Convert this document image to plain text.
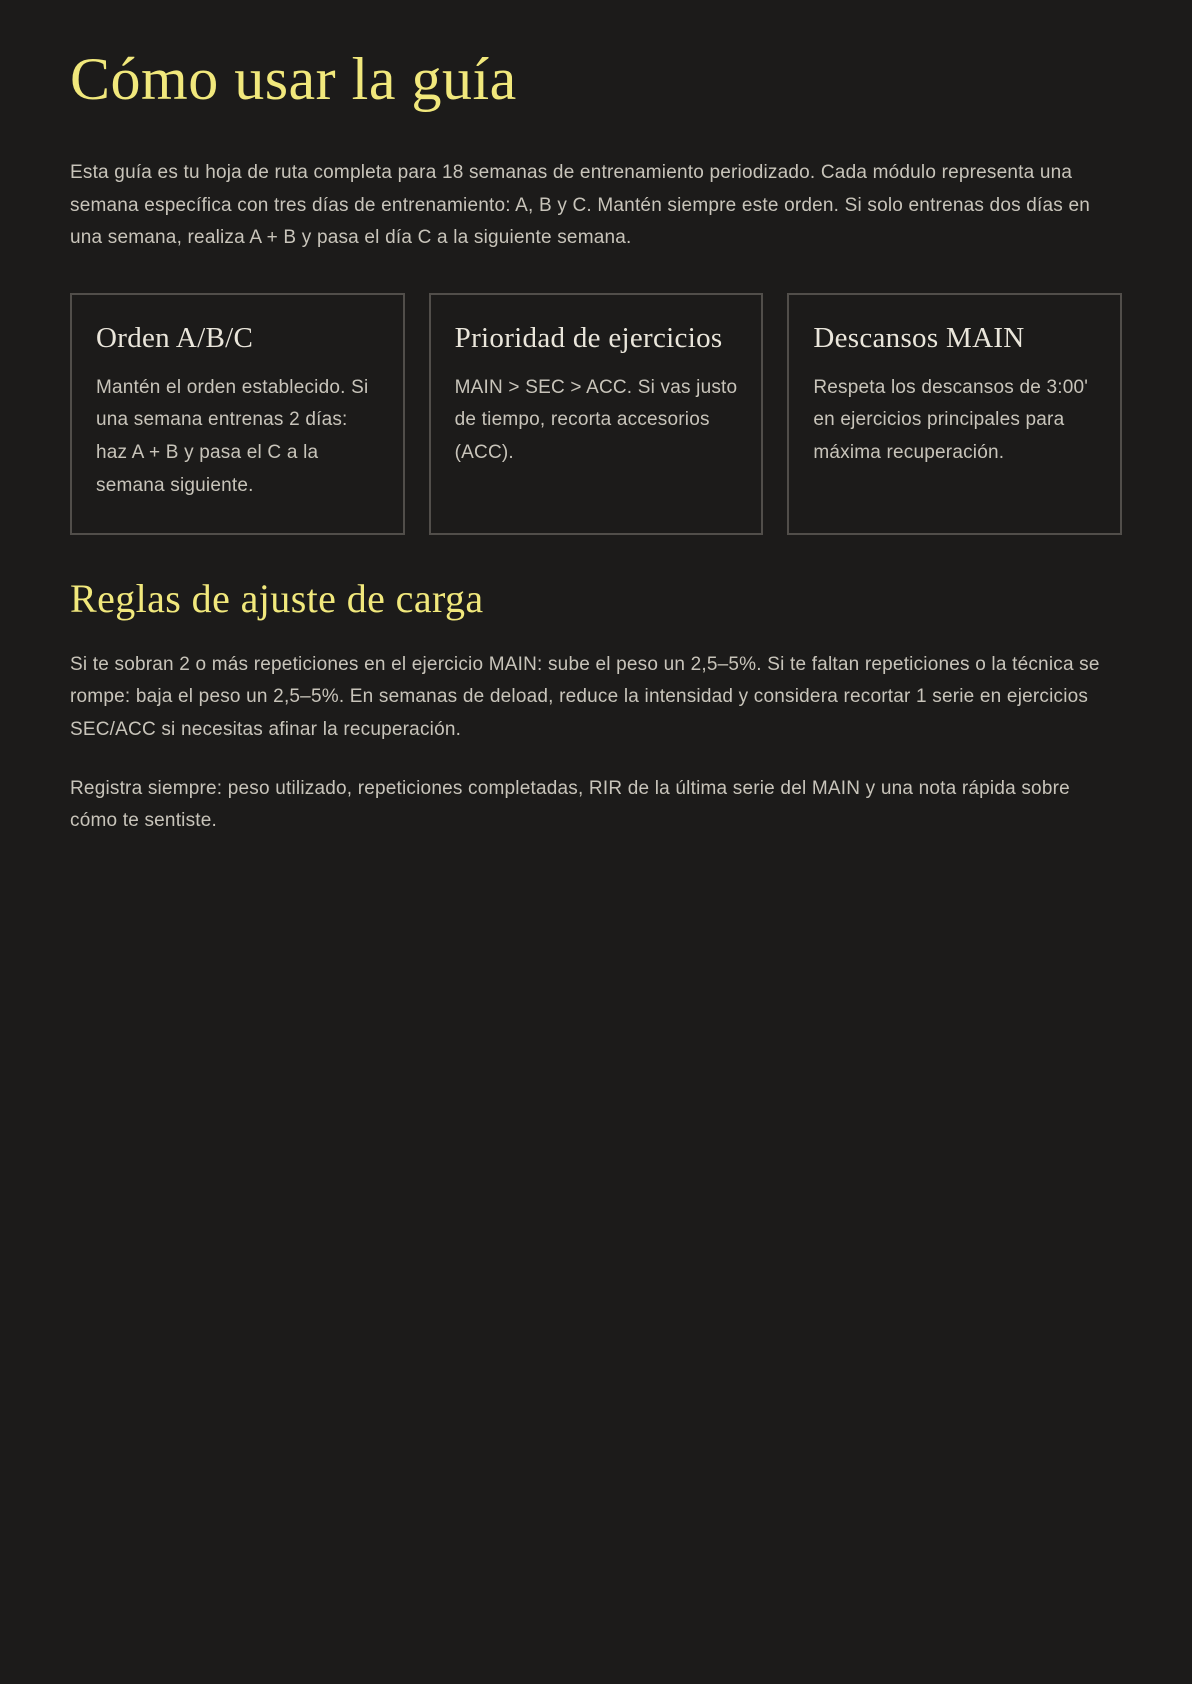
Cómo usar la guía

Esta guía es tu hoja de ruta completa para 18 semanas de entrenamiento periodizado. Cada módulo representa una semana específica con tres días de entrenamiento: A, B y C. Mantén siempre este orden. Si solo entrenas dos días en una semana, realiza A + B y pasa el día C a la siguiente semana.

Orden A/B/C

Mantén el orden establecido. Si una semana entrenas 2 días: haz A + B y pasa el C a la semana siguiente.

Prioridad de ejercicios

MAIN > SEC > ACC. Si vas justo de tiempo, recorta accesorios (ACC).

Descansos MAIN

Respeta los descansos de 3:00' en ejercicios principales para máxima recuperación.

Reglas de ajuste de carga

Si te sobran 2 o más repeticiones en el ejercicio MAIN: sube el peso un 2,5–5%. Si te faltan repeticiones o la técnica se rompe: baja el peso un 2,5–5%. En semanas de deload, reduce la intensidad y considera recortar 1 serie en ejercicios SEC/ACC si necesitas afinar la recuperación.

Registra siempre: peso utilizado, repeticiones completadas, RIR de la última serie del MAIN y una nota rápida sobre cómo te sentiste.
